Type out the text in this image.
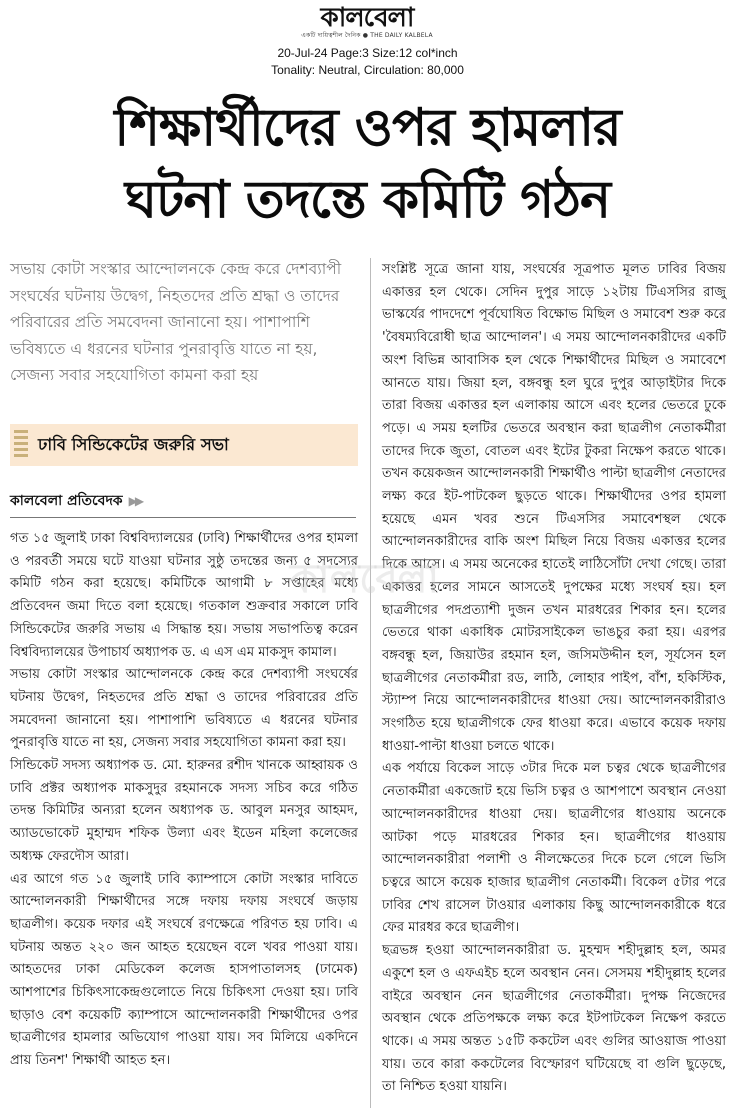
কালবেলা
একটি দায়িত্বশীল দৈনিক ● THE DAILY KALBELA
20-Jul-24 Page:3 Size:12 col*inch
Tonality: Neutral, Circulation: 80,000
শিক্ষার্থীদের ওপর হামলার
ঘটনা তদন্তে কমিটি গঠন

সভায় কোটা সংস্কার আন্দোলনকে কেন্দ্র করে দেশব্যাপী সংঘর্ষের ঘটনায় উদ্বেগ, নিহতদের প্রতি শ্রদ্ধা ও তাদের পরিবারের প্রতি সমবেদনা জানানো হয়। পাশাপাশি ভবিষ্যতে এ ধরনের ঘটনার পুনরাবৃত্তি যাতে না হয়, সেজন্য সবার সহযোগিতা কামনা করা হয়

ঢাবি সিন্ডিকেটের জরুরি সভা
কালবেলা প্রতিবেদক ▶▶

গত ১৫ জুলাই ঢাকা বিশ্ববিদ্যালয়ের (ঢাবি) শিক্ষার্থীদের ওপর হামলা ও পরবর্তী সময়ে ঘটে যাওয়া ঘটনার সুষ্ঠু তদন্তের জন্য ৫ সদস্যের কমিটি গঠন করা হয়েছে। কমিটিকে আগামী ৮ সপ্তাহের মধ্যে প্রতিবেদন জমা দিতে বলা হয়েছে। গতকাল শুক্রবার সকালে ঢাবি সিন্ডিকেটের জরুরি সভায় এ সিদ্ধান্ত হয়। সভায় সভাপতিত্ব করেন বিশ্ববিদ্যালয়ের উপাচার্য অধ্যাপক ড. এ এস এম মাকসুদ কামাল।

সভায় কোটা সংস্কার আন্দোলনকে কেন্দ্র করে দেশব্যাপী সংঘর্ষের ঘটনায় উদ্বেগ, নিহতদের প্রতি শ্রদ্ধা ও তাদের পরিবারের প্রতি সমবেদনা জানানো হয়। পাশাপাশি ভবিষ্যতে এ ধরনের ঘটনার পুনরাবৃত্তি যাতে না হয়, সেজন্য সবার সহযোগিতা কামনা করা হয়।

সিন্ডিকেট সদস্য অধ্যাপক ড. মো. হারুনর রশীদ খানকে আহ্বায়ক ও ঢাবি প্রক্টর অধ্যাপক মাকসুদুর রহমানকে সদস্য সচিব করে গঠিত তদন্ত কিমিটির অন্যরা হলেন অধ্যাপক ড. আবুল মনসুর আহমদ, অ্যাডভোকেট মুহাম্মদ শফিক উল্যা এবং ইডেন মহিলা কলেজের অধ্যক্ষ ফেরদৌস আরা।

এর আগে গত ১৫ জুলাই ঢাবি ক্যাম্পাসে কোটা সংস্কার দাবিতে আন্দোলনকারী শিক্ষার্থীদের সঙ্গে দফায় দফায় সংঘর্ষে জড়ায় ছাত্রলীগ। কয়েক দফার এই সংঘর্ষে রণক্ষেত্রে পরিণত হয় ঢাবি। এ ঘটনায় অন্তত ২২০ জন আহত হয়েছেন বলে খবর পাওয়া যায়। আহতদের ঢাকা মেডিকেল কলেজ হাসপাতালসহ (ঢামেক) আশপাশের চিকিৎসাকেন্দ্রগুলোতে নিয়ে চিকিৎসা দেওয়া হয়। ঢাবি ছাড়াও বেশ কয়েকটি ক্যাম্পাসে আন্দোলনকারী শিক্ষার্থীদের ওপর ছাত্রলীগের হামলার অভিযোগ পাওয়া যায়। সব মিলিয়ে একদিনে প্রায় তিনশ' শিক্ষার্থী আহত হন।

সংশ্লিষ্ট সূত্রে জানা যায়, সংঘর্ষের সূত্রপাত মূলত ঢাবির বিজয় একাত্তর হল থেকে। সেদিন দুপুর সাড়ে ১২টায় টিএসসির রাজু ভাস্কর্যের পাদদেশে পূর্বঘোষিত বিক্ষোভ মিছিল ও সমাবেশ শুরু করে 'বৈষম্যবিরোধী ছাত্র আন্দোলন'। এ সময় আন্দোলনকারীদের একটি অংশ বিভিন্ন আবাসিক হল থেকে শিক্ষার্থীদের মিছিল ও সমাবেশে আনতে যায়। জিয়া হল, বঙ্গবন্ধু হল ঘুরে দুপুর আড়াইটার দিকে তারা বিজয় একাত্তর হল এলাকায় আসে এবং হলের ভেতরে ঢুকে পড়ে। এ সময় হলটির ভেতরে অবস্থান করা ছাত্রলীগ নেতাকর্মীরা তাদের দিকে জুতা, বোতল এবং ইটের টুকরা নিক্ষেপ করতে থাকে। তখন কয়েকজন আন্দোলনকারী শিক্ষার্থীও পাল্টা ছাত্রলীগ নেতাদের লক্ষ্য করে ইট-পাটকেল ছুড়তে থাকে। শিক্ষার্থীদের ওপর হামলা হয়েছে এমন খবর শুনে টিএসসির সমাবেশস্থল থেকে আন্দোলনকারীদের বাকি অংশ মিছিল নিয়ে বিজয় একাত্তর হলের দিকে আসে। এ সময় অনেকের হাতেই লাঠিসোঁটা দেখা গেছে। তারা একাত্তর হলের সামনে আসতেই দুপক্ষের মধ্যে সংঘর্ষ হয়। হল ছাত্রলীগের পদপ্রত্যাশী দুজন তখন মারধরের শিকার হন। হলের ভেতরে থাকা একাধিক মোটরসাইকেল ভাঙচুর করা হয়। এরপর বঙ্গবন্ধু হল, জিয়াউর রহমান হল, জসিমউদ্দীন হল, সূর্যসেন হল ছাত্রলীগের নেতাকর্মীরা রড, লাঠি, লোহার পাইপ, বাঁশ, হকিস্টিক, স্ট্যাম্প নিয়ে আন্দোলনকারীদের ধাওয়া দেয়। আন্দোলনকারীরাও সংগঠিত হয়ে ছাত্রলীগকে ফের ধাওয়া করে। এভাবে কয়েক দফায় ধাওয়া-পাল্টা ধাওয়া চলতে থাকে।

এক পর্যায়ে বিকেল সাড়ে ৩টার দিকে মল চত্বর থেকে ছাত্রলীগের নেতাকর্মীরা একজোট হয়ে ভিসি চত্বর ও আশপাশে অবস্থান নেওয়া আন্দোলনকারীদের ধাওয়া দেয়। ছাত্রলীগের ধাওয়ায় অনেকে আটকা পড়ে মারধরের শিকার হন। ছাত্রলীগের ধাওয়ায় আন্দোলনকারীরা পলাশী ও নীলক্ষেতের দিকে চলে গেলে ভিসি চত্বরে আসে কয়েক হাজার ছাত্রলীগ নেতাকর্মী। বিকেল ৫টার পরে ঢাবির শেখ রাসেল টাওয়ার এলাকায় কিছু আন্দোলনকারীকে ধরে ফের মারধর করে ছাত্রলীগ।

ছত্রভঙ্গ হওয়া আন্দোলনকারীরা ড. মুহম্মদ শহীদুল্লাহ হল, অমর একুশে হল ও এফএইচ হলে অবস্থান নেন। সেসময় শহীদুল্লাহ হলের বাইরে অবস্থান নেন ছাত্রলীগের নেতাকর্মীরা। দুপক্ষ নিজেদের অবস্থান থেকে প্রতিপক্ষকে লক্ষ্য করে ইটপাটকেল নিক্ষেপ করতে থাকে। এ সময় অন্তত ১৫টি ককটেল এবং গুলির আওয়াজ পাওয়া যায়। তবে কারা ককটেলের বিস্ফোরণ ঘটিয়েছে বা গুলি ছুড়েছে, তা নিশ্চিত হওয়া যায়নি।

কালবেলা
